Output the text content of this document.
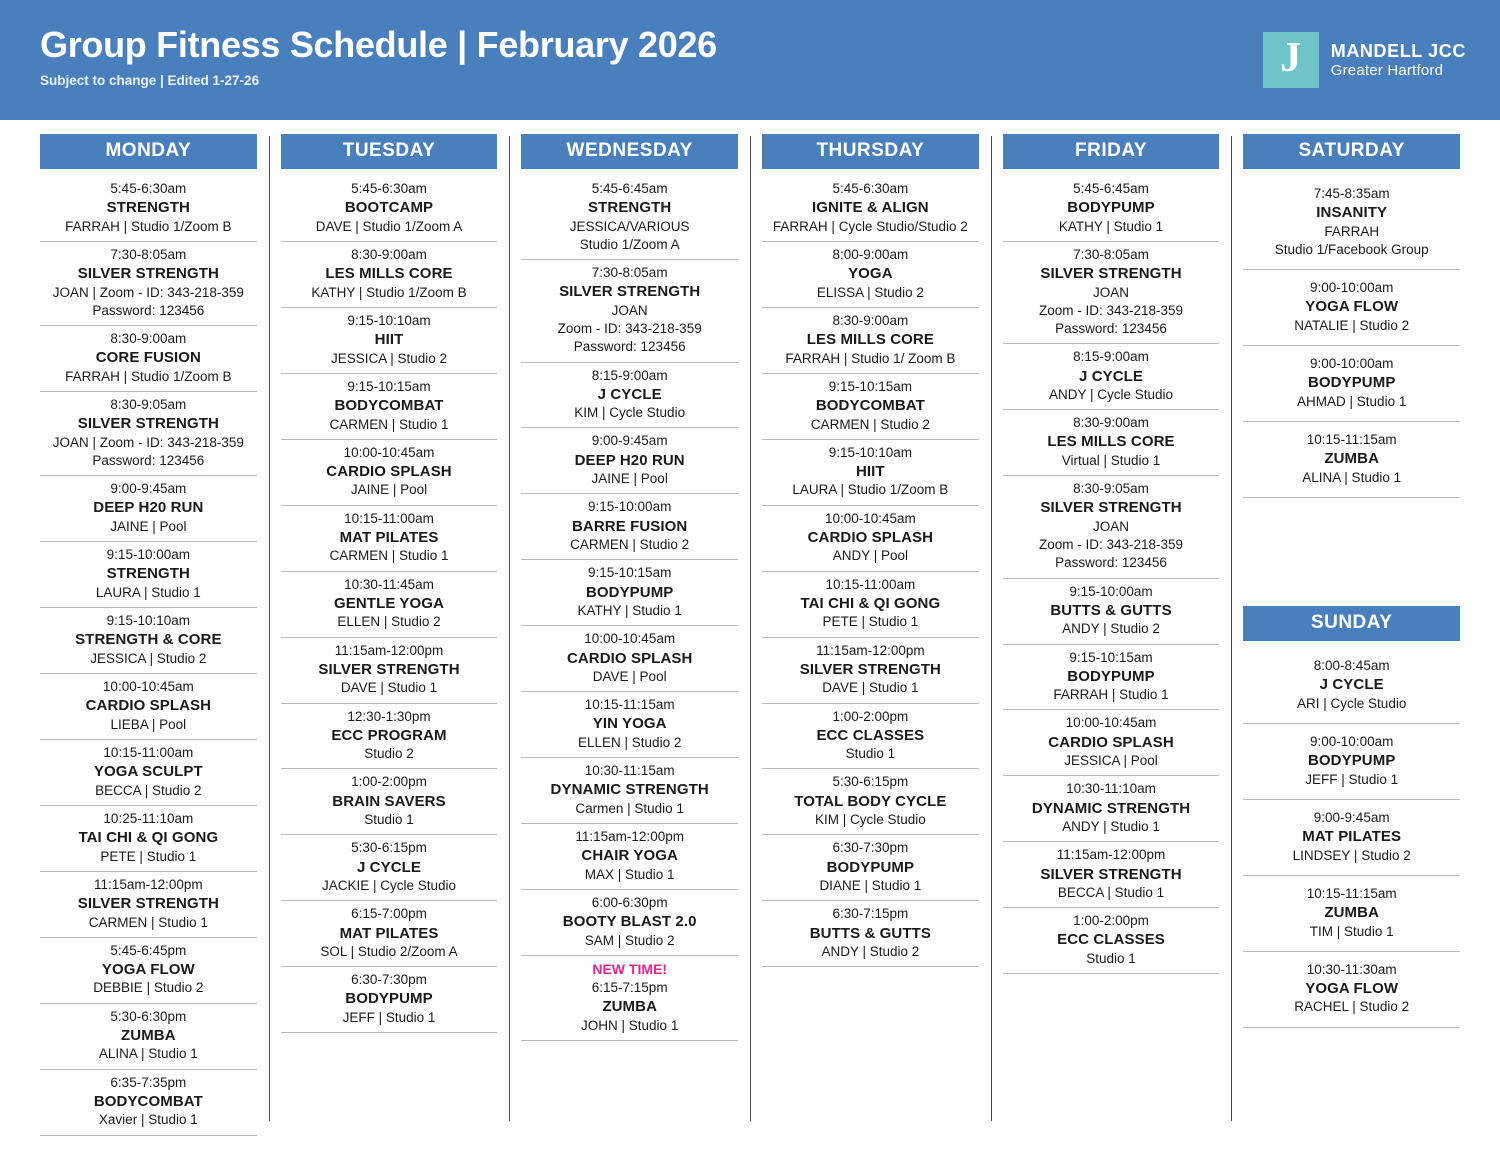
Group Fitness Schedule | February 2026
Subject to change | Edited 1-27-26	J MANDELL JCC
Greater Hartford
MONDAY
5:45-6:30am
STRENGTH
FARRAH | Studio 1/Zoom B
7:30-8:05am
SILVER STRENGTH
JOAN | Zoom - ID: 343-218-359
Password: 123456
8:30-9:00am
CORE FUSION
FARRAH | Studio 1/Zoom B
8:30-9:05am
SILVER STRENGTH
JOAN | Zoom - ID: 343-218-359
Password: 123456
9:00-9:45am
DEEP H20 RUN
JAINE | Pool
9:15-10:00am
STRENGTH
LAURA | Studio 1
9:15-10:10am
STRENGTH & CORE
JESSICA | Studio 2
10:00-10:45am
CARDIO SPLASH
LIEBA | Pool
10:15-11:00am
YOGA SCULPT
BECCA | Studio 2
10:25-11:10am
TAI CHI & QI GONG
PETE | Studio 1
11:15am-12:00pm
SILVER STRENGTH
CARMEN | Studio 1
5:45-6:45pm
YOGA FLOW
DEBBIE | Studio 2
5:30-6:30pm
ZUMBA
ALINA | Studio 1
6:35-7:35pm
BODYCOMBAT
Xavier | Studio 1
TUESDAY
5:45-6:30am
BOOTCAMP
DAVE | Studio 1/Zoom A
8:30-9:00am
LES MILLS CORE
KATHY | Studio 1/Zoom B
9:15-10:10am
HIIT
JESSICA | Studio 2
9:15-10:15am
BODYCOMBAT
CARMEN | Studio 1
10:00-10:45am
CARDIO SPLASH
JAINE | Pool
10:15-11:00am
MAT PILATES
CARMEN | Studio 1
10:30-11:45am
GENTLE YOGA
ELLEN | Studio 2
11:15am-12:00pm
SILVER STRENGTH
DAVE | Studio 1
12:30-1:30pm
ECC PROGRAM
Studio 2
1:00-2:00pm
BRAIN SAVERS
Studio 1
5:30-6:15pm
J CYCLE
JACKIE | Cycle Studio
6:15-7:00pm
MAT PILATES
SOL | Studio 2/Zoom A
6:30-7:30pm
BODYPUMP
JEFF | Studio 1
WEDNESDAY
5:45-6:45am
STRENGTH
JESSICA/VARIOUS
Studio 1/Zoom A
7:30-8:05am
SILVER STRENGTH
JOAN
Zoom - ID: 343-218-359
Password: 123456
8:15-9:00am
J CYCLE
KIM | Cycle Studio
9:00-9:45am
DEEP H20 RUN
JAINE | Pool
9:15-10:00am
BARRE FUSION
CARMEN | Studio 2
9:15-10:15am
BODYPUMP
KATHY | Studio 1
10:00-10:45am
CARDIO SPLASH
DAVE | Pool
10:15-11:15am
YIN YOGA
ELLEN | Studio 2
10:30-11:15am
DYNAMIC STRENGTH
Carmen | Studio 1
11:15am-12:00pm
CHAIR YOGA
MAX | Studio 1
6:00-6:30pm
BOOTY BLAST 2.0
SAM | Studio 2
NEW TIME!
6:15-7:15pm
ZUMBA
JOHN | Studio 1
THURSDAY
5:45-6:30am
IGNITE & ALIGN
FARRAH | Cycle Studio/Studio 2
8:00-9:00am
YOGA
ELISSA | Studio 2
8:30-9:00am
LES MILLS CORE
FARRAH | Studio 1/ Zoom B
9:15-10:15am
BODYCOMBAT
CARMEN | Studio 2
9:15-10:10am
HIIT
LAURA | Studio 1/Zoom B
10:00-10:45am
CARDIO SPLASH
ANDY | Pool
10:15-11:00am
TAI CHI & QI GONG
PETE | Studio 1
11:15am-12:00pm
SILVER STRENGTH
DAVE | Studio 1
1:00-2:00pm
ECC CLASSES
Studio 1
5:30-6:15pm
TOTAL BODY CYCLE
KIM | Cycle Studio
6:30-7:30pm
BODYPUMP
DIANE | Studio 1
6:30-7:15pm
BUTTS & GUTTS
ANDY | Studio 2
FRIDAY
5:45-6:45am
BODYPUMP
KATHY | Studio 1
7:30-8:05am
SILVER STRENGTH
JOAN
Zoom - ID: 343-218-359
Password: 123456
8:15-9:00am
J CYCLE
ANDY | Cycle Studio
8:30-9:00am
LES MILLS CORE
Virtual | Studio 1
8:30-9:05am
SILVER STRENGTH
JOAN
Zoom - ID: 343-218-359
Password: 123456
9:15-10:00am
BUTTS & GUTTS
ANDY | Studio 2
9:15-10:15am
BODYPUMP
FARRAH | Studio 1
10:00-10:45am
CARDIO SPLASH
JESSICA | Pool
10:30-11:10am
DYNAMIC STRENGTH
ANDY | Studio 1
11:15am-12:00pm
SILVER STRENGTH
BECCA | Studio 1
1:00-2:00pm
ECC CLASSES
Studio 1
SATURDAY
7:45-8:35am
INSANITY
FARRAH
Studio 1/Facebook Group
9:00-10:00am
YOGA FLOW
NATALIE | Studio 2
9:00-10:00am
BODYPUMP
AHMAD | Studio 1
10:15-11:15am
ZUMBA
ALINA | Studio 1
SUNDAY
8:00-8:45am
J CYCLE
ARI | Cycle Studio
9:00-10:00am
BODYPUMP
JEFF | Studio 1
9:00-9:45am
MAT PILATES
LINDSEY | Studio 2
10:15-11:15am
ZUMBA
TIM | Studio 1
10:30-11:30am
YOGA FLOW
RACHEL | Studio 2
